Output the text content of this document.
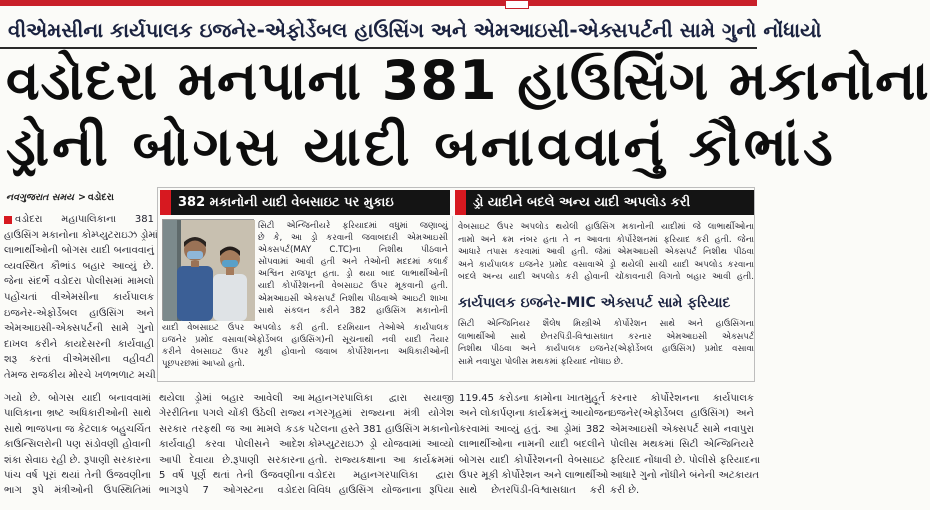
વીએમસીના કાર્યપાલક ઇજનેર-એફોર્ડેબલ હાઉસિંગ અને એમઆઇસી-એક્સપર્ટની સામે ગુનો નોંધાયો
વડોદરા મનપાના 381 હાઉસિંગ મકાનોના
ડ્રોની બોગસ યાદી બનાવવાનું કૌભાંડ
નવગુજરાત સમય > વડોદરા
વડોદરા મહાપાલિકાના 381
હાઉસિંગ મકાનોના કોમ્પ્યુટરાઇઝ ડ્રોમાં
લાભાર્થીઓની બોગસ યાદી બનાવવાનું
વ્યવસ્થિત કૌભાંડ બહાર આવ્યું છે.
જેના સંદર્ભે વડોદરા પોલીસમાં મામલો
પહોંચતાં વીએમસીના કાર્યપાલક
ઇજનેર-એફોર્ડેબલ હાઉસિંગ અને
એમઆઇસી-એક્સપર્ટની સામે ગુનો
દાખલ કરીને કાયદેસરની કાર્યવાહી
શરૂ કરતાં વીએમસીના વહીવટી
તેમજ રાજકીય મોરચે ખળભળાટ મચી
382 મકાનોની યાદી વેબસાઇટ પર મુકાઇ	ડ્રો યાદીને બદલે અન્ય યાદી અપલોડ કરી
સિટી એન્જિનીયરે ફરિયાદમાં વધુમાં જણાવ્યું
છે કે, આ ડ્રો કરવાની જવાબદારી એમઆઇસી
એક્સપર્ટ(MAY C.TC)ના નિશીથ પીઠવાને
સોંપવામાં આવી હતી અને તેઓની મદદમાં કલાર્ક
અશ્વિન રાજપૂત હતા. ડ્રો થયા બાદ લાભાર્થીઓની
યાદી કોર્પોરેશનની વેબસાઇટ ઉપર મૂકવાની હતી.
એમઆઇસી એક્સપર્ટ નિશીથ પીઠવાએ આઇટી શાખા
સાથે સંકલન કરીને 382 હાઉસિંગ મકાનોની
યાદી વેબસાઇટ ઉપર અપલોડ કરી હતી. દરમિયાન તેઓએ કાર્યપાલક
ઇજનેર પ્રમોદ વસાવા(એફોર્ડેબલ હાઉસિંગ)ની સૂચનાથી નવી યાદી તૈયાર
કરીને વેબસાઇટ ઉપર મૂકી હોવાનો જવાબ કોર્પોરેશનના અધિકારીઓની
પૂછપરછમાં આપ્યો હતો.
વેબસાઇટ ઉપર અપલોડ થયેલી હાઉસિંગ મકાનોની યાદીમાં જે લાભાર્થીઓના
નામો અને ક્રમ નંબર હતા તે ન આવતા કોર્પોરેશનમાં ફરિયાદ કરી હતી. જેના
આધારે તપાસ કરવામાં આવી હતી. જેમાં એમઆઇસી એક્સપર્ટ નિશીથ પીઠવા
અને કાર્યપાલક ઇજનેર પ્રમોદ વસાવાએ ડ્રો થયેલી સાચી યાદી અપલોડ કરવાના
બદલે અન્ય યાદી અપલોડ કરી હોવાની ચોંકાવનારી વિગતો બહાર આવી હતી.
કાર્યપાલક ઇજનેર-MIC એક્સપર્ટ સામે ફરિયાદ
સિટી એન્જિનિયર શૈલેષ મિસ્ત્રીએ કોર્પોરેશન સાથે અને હાઉસિંગના
લાભાર્થીઓ સાથે છેતરપિંડી-વિશ્વાસઘાત કરનાર એમઆઇસી એક્સપર્ટ
નિશીથ પીઠવા અને કાર્યપાલક ઇજનેર(એફોર્ડેબલ હાઉસિંગ) પ્રમોદ વસાવા
સામે નવાપુરા પોલીસ મથકમાં ફરિયાદ નોંધાઇ છે.
ગયો છે. બોગસ યાદી બનાવવામાં
પાલિકાના ભ્રષ્ટ અધિકારીઓની સાથે
સાથે ભાજપના જ કેટલાક બહુચર્ચિત
કાઉન્સિલરોની પણ સંડોવણી હોવાની
શંકા સેવાઇ રહી છે. રૂપાણી સરકારના
પાંચ વર્ષ પૂરાં થયાં તેની ઉજવણીના
ભાગ રૂપે મંત્રીઓની ઉપસ્થિતિમાં
થયેલા ડ્રોમાં બહાર આવેલી આ
ગેરરીતિના પગલે ચોંકી ઉઠેલી રાજ્ય
સરકાર તરફથી જ આ મામલે કડક
કાર્યવાહી કરવા પોલીસને આદેશ
આપી દેવાયા છે.રૂપાણી સરકારના
5 વર્ષ પૂર્ણ થતાં તેની ઉજવણીના
ભાગરૂપે 7 ઓગસ્ટના વડોદરા
મહાનગરપાલિકા દ્વારા સયાજી
નગરગૃહમાં રાજ્યના મંત્રી યોગેશ
પટેલના હસ્તે 381 હાઉસિંગ મકાનોનો
કોમ્પ્યુટરાઇઝ ડ્રો યોજવામાં આવ્યો
હતો. રાજ્યકક્ષાના આ કાર્યક્રમમાં
વડોદરા મહાનગરપાલિકા દ્વારા
વિવિધ હાઉસિંગ યોજનાના રૂપિયા
119.45 કરોડના કામોના ખાતમુહૂર્ત
અને લોકાર્પણના કાર્યક્રમનું આયોજન
કરવામાં આવ્યું હતું. આ ડ્રોમાં 382
લાભાર્થીઓના નામની યાદી બદલીને
બોગસ યાદી કોર્પોરેશનની વેબસાઇટ
ઉપર મૂકી કોર્પોરેશન અને લાભાર્થીઓ
સાથે છેતરપિંડી-વિશ્વાસઘાત કરી
કરનાર કોર્પોરેશનના કાર્યપાલક
ઇજનેર(એફોર્ડેબલ હાઉસિંગ) અને
એમઆઇસી એક્સપર્ટ સામે નવાપુરા
પોલીસ મથકમાં સિટી એન્જિનિયરે
ફરિયાદ નોંધાવી છે. પોલીસે ફરિયાદના
આધારે ગુનો નોંધીને બંનેની અટકાયત
કરી છે.
